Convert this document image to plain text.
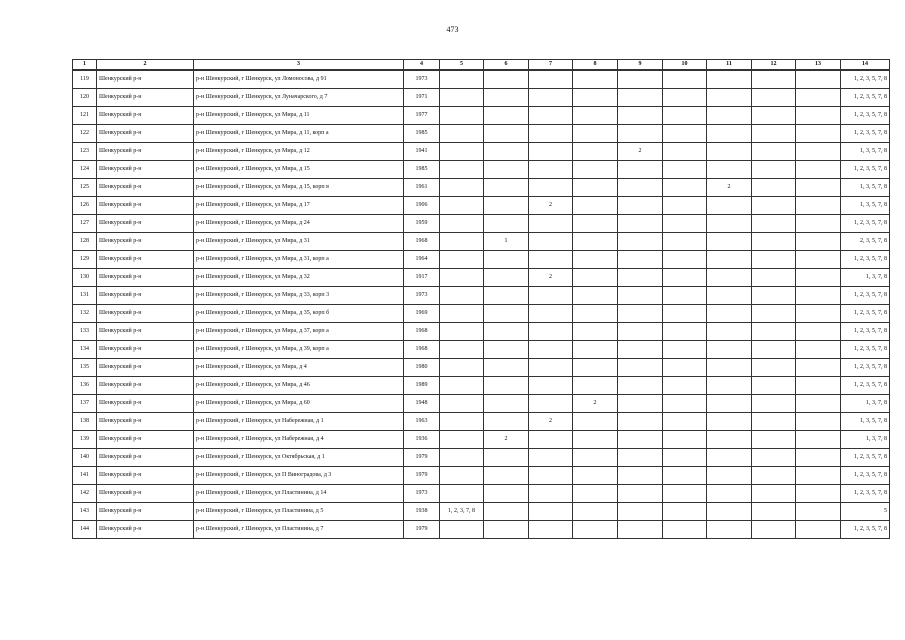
473
1	2	3	4	5	6	7	8	9	10	11	12	13	14
119	Шенкурский р-н	р-н Шенкурский, г Шенкурск, ул Ломоносова, д 91	1973										1, 2, 3, 5, 7, 8
120	Шенкурский р-н	р-н Шенкурский, г Шенкурск, ул Луначарского, д 7	1971										1, 2, 3, 5, 7, 8
121	Шенкурский р-н	р-н Шенкурский, г Шенкурск, ул Мира, д 11	1977										1, 2, 3, 5, 7, 8
122	Шенкурский р-н	р-н Шенкурский, г Шенкурск, ул Мира, д 11, корп а	1985										1, 2, 3, 5, 7, 8
123	Шенкурский р-н	р-н Шенкурский, г Шенкурск, ул Мира, д 12	1941					2					1, 3, 5, 7, 8
124	Шенкурский р-н	р-н Шенкурский, г Шенкурск, ул Мира, д 15	1985										1, 2, 3, 5, 7, 8
125	Шенкурский р-н	р-н Шенкурский, г Шенкурск, ул Мира, д 15, корп в	1961							2			1, 3, 5, 7, 8
126	Шенкурский р-н	р-н Шенкурский, г Шенкурск, ул Мира, д 17	1906			2							1, 3, 5, 7, 8
127	Шенкурский р-н	р-н Шенкурский, г Шенкурск, ул Мира, д 24	1959										1, 2, 3, 5, 7, 8
128	Шенкурский р-н	р-н Шенкурский, г Шенкурск, ул Мира, д 31	1968		1								2, 3, 5, 7, 8
129	Шенкурский р-н	р-н Шенкурский, г Шенкурск, ул Мира, д 31, корп а	1964										1, 2, 3, 5, 7, 8
130	Шенкурский р-н	р-н Шенкурский, г Шенкурск, ул Мира, д 32	1917			2							1, 3, 7, 8
131	Шенкурский р-н	р-н Шенкурский, г Шенкурск, ул Мира, д 33, корп 3	1973										1, 2, 3, 5, 7, 8
132	Шенкурский р-н	р-н Шенкурский, г Шенкурск, ул Мира, д 35, корп б	1969										1, 2, 3, 5, 7, 8
133	Шенкурский р-н	р-н Шенкурский, г Шенкурск, ул Мира, д 37, корп а	1968										1, 2, 3, 5, 7, 8
134	Шенкурский р-н	р-н Шенкурский, г Шенкурск, ул Мира, д 39, корп а	1968										1, 2, 3, 5, 7, 8
135	Шенкурский р-н	р-н Шенкурский, г Шенкурск, ул Мира, д 4	1980										1, 2, 3, 5, 7, 8
136	Шенкурский р-н	р-н Шенкурский, г Шенкурск, ул Мира, д 46	1989										1, 2, 3, 5, 7, 8
137	Шенкурский р-н	р-н Шенкурский, г Шенкурск, ул Мира, д 60	1948				2						1, 3, 7, 8
138	Шенкурский р-н	р-н Шенкурский, г Шенкурск, ул Набережная, д 1	1963			2							1, 3, 5, 7, 8
139	Шенкурский р-н	р-н Шенкурский, г Шенкурск, ул Набережная, д 4	1936		2								1, 3, 7, 8
140	Шенкурский р-н	р-н Шенкурский, г Шенкурск, ул Октябрьская, д 1	1979										1, 2, 3, 5, 7, 8
141	Шенкурский р-н	р-н Шенкурский, г Шенкурск, ул П Виноградова, д 3	1979										1, 2, 3, 5, 7, 8
142	Шенкурский р-н	р-н Шенкурский, г Шенкурск, ул Пластинина, д 14	1973										1, 2, 3, 5, 7, 8
143	Шенкурский р-н	р-н Шенкурский, г Шенкурск, ул Пластинина, д 5	1938	1, 2, 3, 7, 8									5
144	Шенкурский р-н	р-н Шенкурский, г Шенкурск, ул Пластинина, д 7	1979										1, 2, 3, 5, 7, 8
